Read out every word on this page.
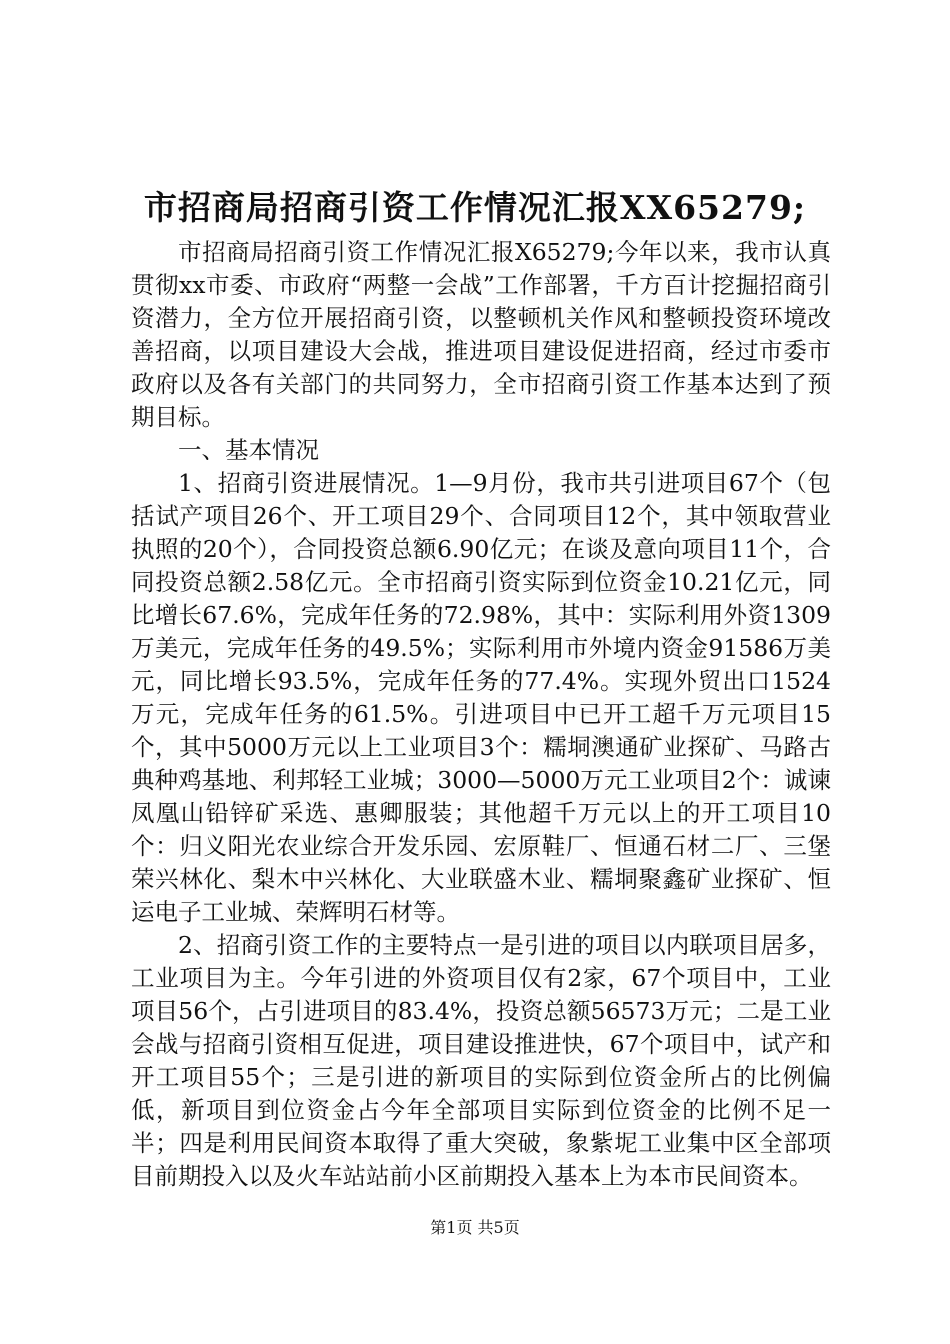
市招商局招商引资工作情况汇报XX65279;

市招商局招商引资工作情况汇报X65279;今年以来，我市认真贯彻xx市委、市政府“两整一会战”工作部署，千方百计挖掘招商引资潜力，全方位开展招商引资，以整顿机关作风和整顿投资环境改善招商，以项目建设大会战，推进项目建设促进招商，经过市委市政府以及各有关部门的共同努力，全市招商引资工作基本达到了预期目标。

一、基本情况

1、招商引资进展情况。1—9月份，我市共引进项目67个（包括试产项目26个、开工项目29个、合同项目12个，其中领取营业执照的20个），合同投资总额6.90亿元；在谈及意向项目11个，合同投资总额2.58亿元。全市招商引资实际到位资金10.21亿元，同比增长67.6%，完成年任务的72.98%，其中：实际利用外资1309万美元，完成年任务的49.5%；实际利用市外境内资金91586万美元，同比增长93.5%，完成年任务的77.4%。实现外贸出口1524万元，完成年任务的61.5%。引进项目中已开工超千万元项目15个，其中5000万元以上工业项目3个：糯垌澳通矿业探矿、马路古典种鸡基地、利邦轻工业城；3000—5000万元工业项目2个：诚谏凤凰山铅锌矿采选、惠卿服装；其他超千万元以上的开工项目10个：归义阳光农业综合开发乐园、宏原鞋厂、恒通石材二厂、三堡荣兴林化、梨木中兴林化、大业联盛木业、糯垌聚鑫矿业探矿、恒运电子工业城、荣辉明石材等。

2、招商引资工作的主要特点一是引进的项目以内联项目居多，工业项目为主。今年引进的外资项目仅有2家，67个项目中，工业项目56个，占引进项目的83.4%，投资总额56573万元；二是工业会战与招商引资相互促进，项目建设推进快，67个项目中，试产和开工项目55个；三是引进的新项目的实际到位资金所占的比例偏低，新项目到位资金占今年全部项目实际到位资金的比例不足一半；四是利用民间资本取得了重大突破，象紫坭工业集中区全部项目前期投入以及火车站站前小区前期投入基本上为本市民间资本。

第1页 共5页
